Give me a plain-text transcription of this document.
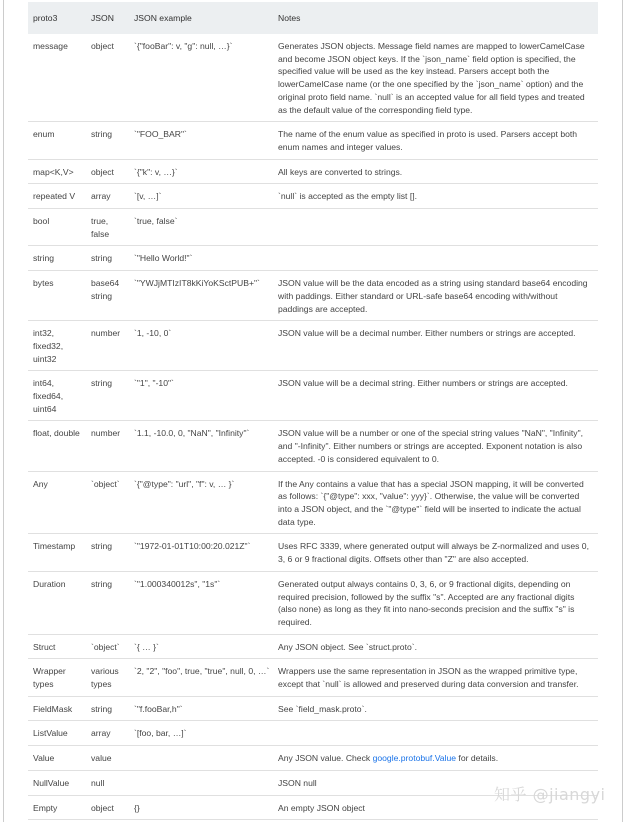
proto3	JSON	JSON example	Notes
message	object	`{"fooBar": v, "g": null, …}`	Generates JSON objects. Message field names are mapped to lowerCamelCase and become JSON object keys. If the `json_name` field option is specified, the specified value will be used as the key instead. Parsers accept both the lowerCamelCase name (or the one specified by the `json_name` option) and the original proto field name. `null` is an accepted value for all field types and treated as the default value of the corresponding field type.
enum	string	`"FOO_BAR"`	The name of the enum value as specified in proto is used. Parsers accept both enum names and integer values.
map<K,V>	object	`{"k": v, …}`	All keys are converted to strings.
repeated V	array	`[v, …]`	`null` is accepted as the empty list [].
bool	true, false	`true, false`	
string	string	`"Hello World!"`	
bytes	base64 string	`"YWJjMTIzIT8kKiYoKSctPUB+"`	JSON value will be the data encoded as a string using standard base64 encoding with paddings. Either standard or URL-safe base64 encoding with/without paddings are accepted.
int32, fixed32, uint32	number	`1, -10, 0`	JSON value will be a decimal number. Either numbers or strings are accepted.
int64, fixed64, uint64	string	`"1", "-10"`	JSON value will be a decimal string. Either numbers or strings are accepted.
float, double	number	`1.1, -10.0, 0, "NaN", "Infinity"`	JSON value will be a number or one of the special string values "NaN", "Infinity", and "-Infinity". Either numbers or strings are accepted. Exponent notation is also accepted. -0 is considered equivalent to 0.
Any	`object`	`{"@type": "url", "f": v, … }`	If the Any contains a value that has a special JSON mapping, it will be converted as follows: `{"@type": xxx, "value": yyy}`. Otherwise, the value will be converted into a JSON object, and the `"@type"` field will be inserted to indicate the actual data type.
Timestamp	string	`"1972-01-01T10:00:20.021Z"`	Uses RFC 3339, where generated output will always be Z-normalized and uses 0, 3, 6 or 9 fractional digits. Offsets other than "Z" are also accepted.
Duration	string	`"1.000340012s", "1s"`	Generated output always contains 0, 3, 6, or 9 fractional digits, depending on required precision, followed by the suffix "s". Accepted are any fractional digits (also none) as long as they fit into nano-seconds precision and the suffix "s" is required.
Struct	`object`	`{ … }`	Any JSON object. See `struct.proto`.
Wrapper types	various types	`2, "2", "foo", true, "true", null, 0, …`	Wrappers use the same representation in JSON as the wrapped primitive type, except that `null` is allowed and preserved during data conversion and transfer.
FieldMask	string	`"f.fooBar,h"`	See `field_mask.proto`.
ListValue	array	`[foo, bar, …]`	
Value	value		Any JSON value. Check google.protobuf.Value for details.
NullValue	null		JSON null
Empty	object	{}	An empty JSON object
知乎 @jiangyi
